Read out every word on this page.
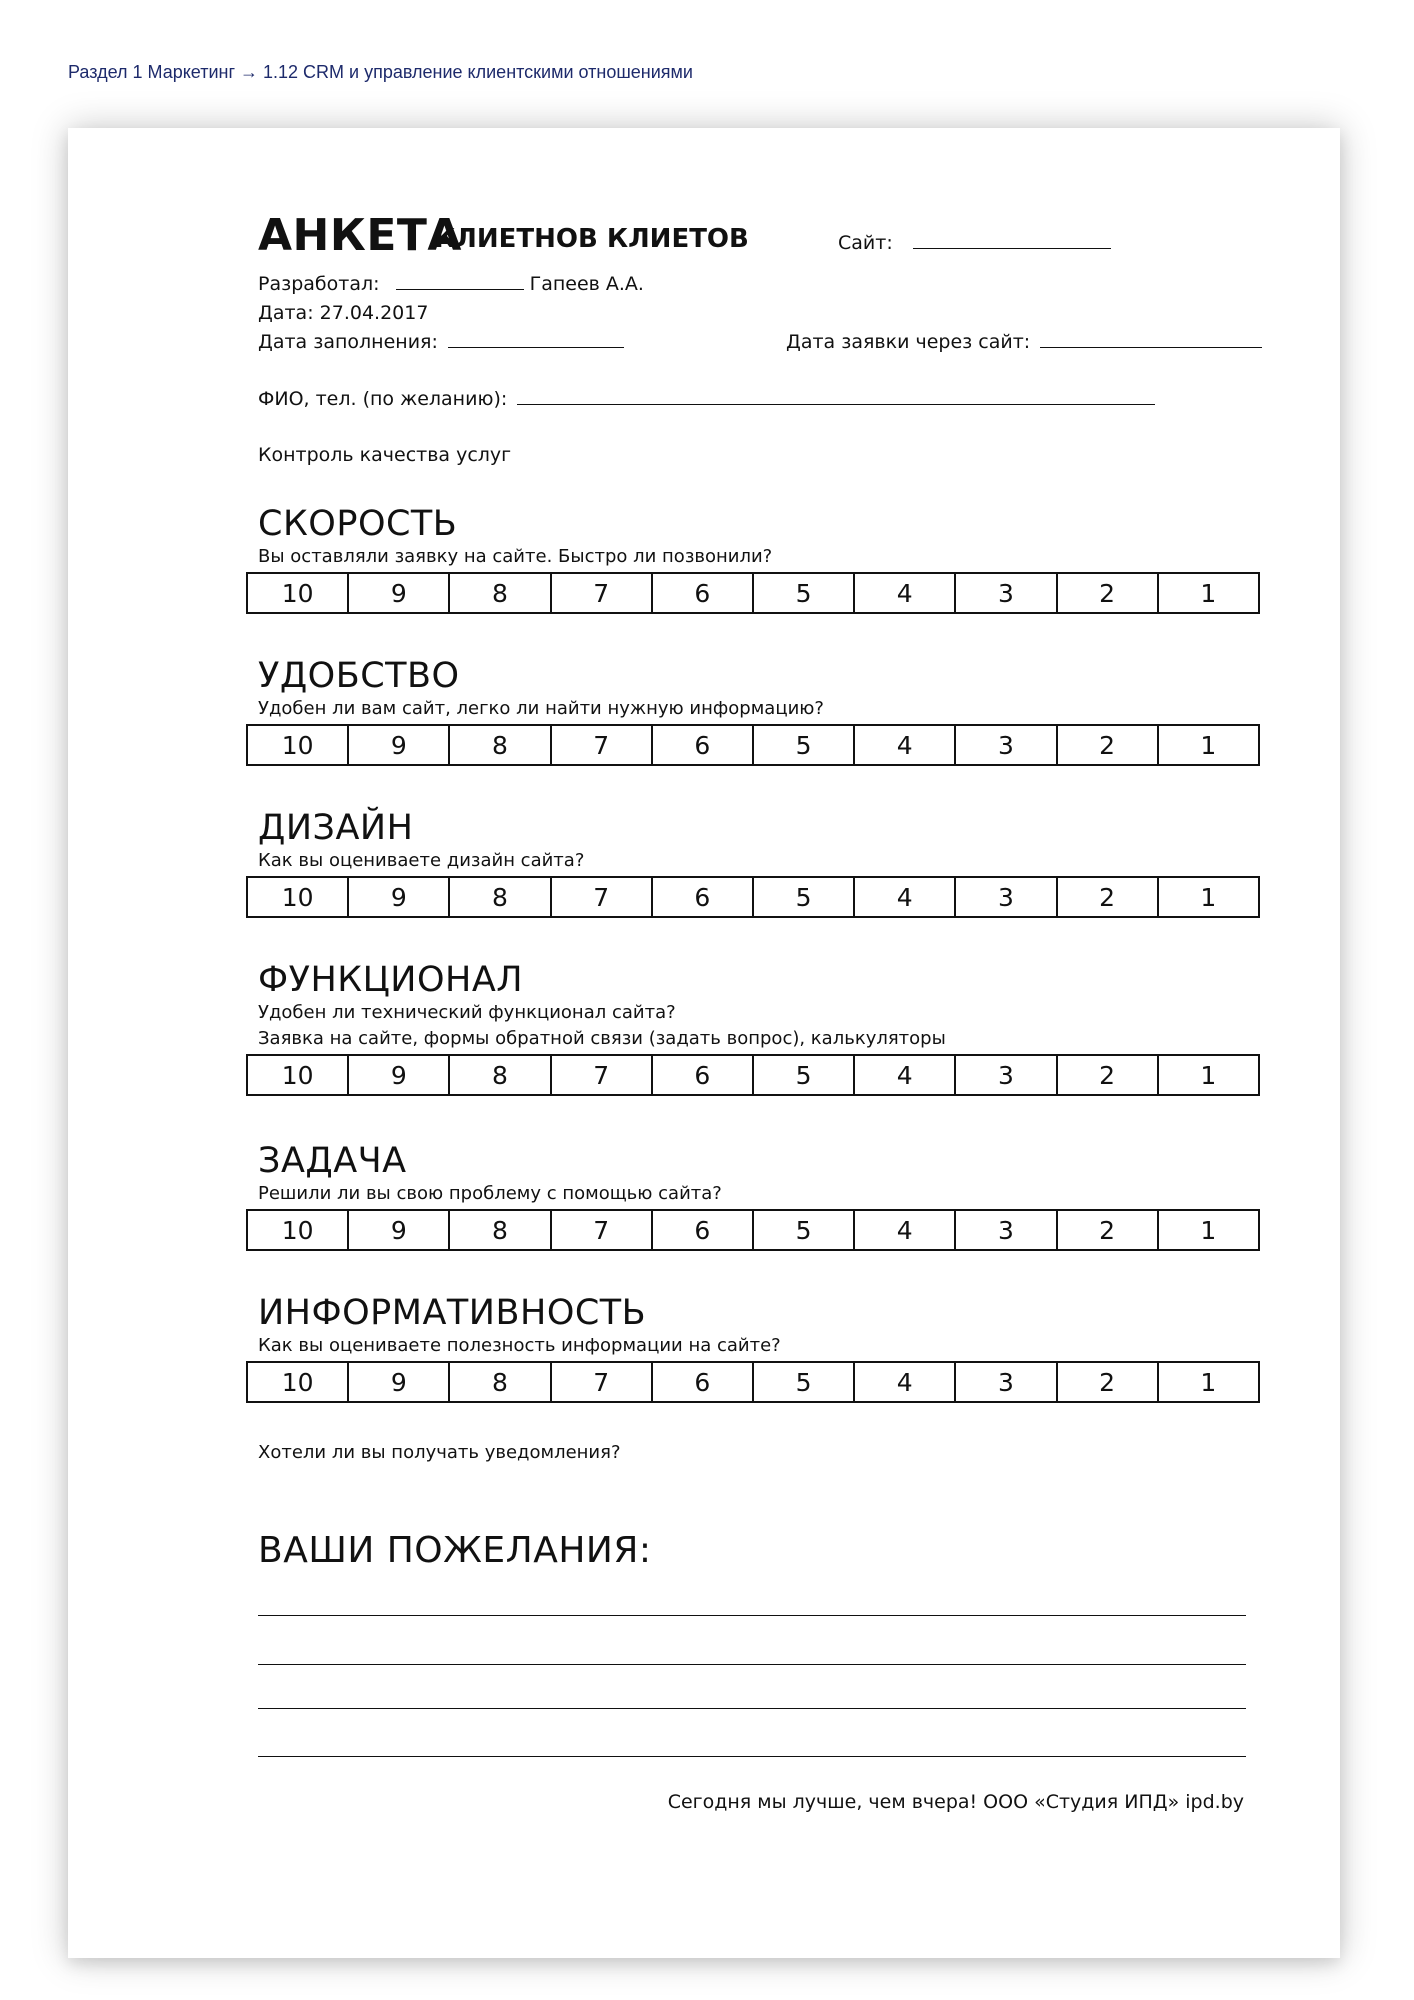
Раздел 1 Маркетинг → 1.12 CRM и управление клиентскими отношениями
АНКЕТА
КЛИЕТНОВ КЛИЕТОВ	Сайт:
Разработал:	Гапеев А.А.
Дата: 27.04.2017
Дата заполнения:	Дата заявки через сайт:
ФИО, тел. (по желанию):
Контроль качества услуг
СКОРОСТЬ
Вы оставляли заявку на сайте. Быстро ли позвонили?
10	9	8	7	6	5	4	3	2	1
УДОБСТВО
Удобен ли вам сайт, легко ли найти нужную информацию?
10	9	8	7	6	5	4	3	2	1
ДИЗАЙН
Как вы оцениваете дизайн сайта?
10	9	8	7	6	5	4	3	2	1
ФУНКЦИОНАЛ
Удобен ли технический функционал сайта?
Заявка на сайте, формы обратной связи (задать вопрос), калькуляторы
10	9	8	7	6	5	4	3	2	1
ЗАДАЧА
Решили ли вы свою проблему с помощью сайта?
10	9	8	7	6	5	4	3	2	1
ИНФОРМАТИВНОСТЬ
Как вы оцениваете полезность информации на сайте?
10	9	8	7	6	5	4	3	2	1
Хотели ли вы получать уведомления?
ВАШИ ПОЖЕЛАНИЯ:
Сегодня мы лучше, чем вчера! ООО «Студия ИПД» ipd.by
